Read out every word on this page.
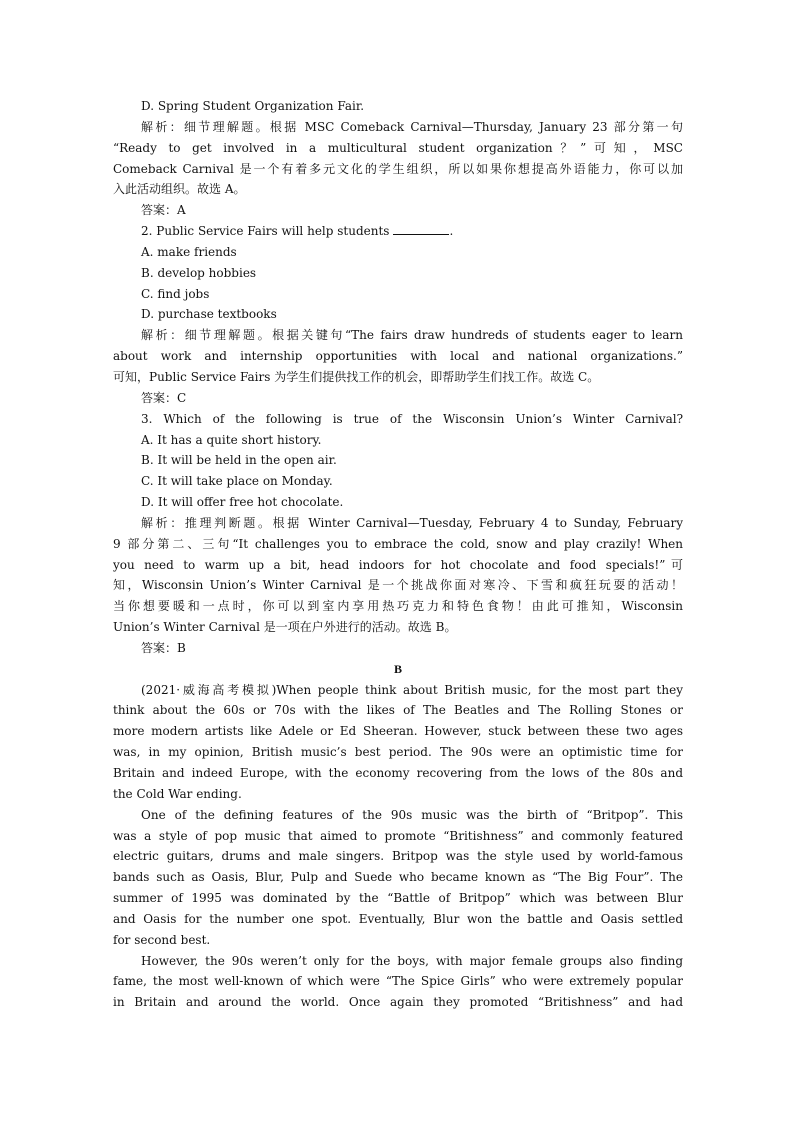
D. Spring Student Organization Fair.
解析：细节理解题。根据 MSC Comeback Carnival—Thursday, January 23 部分第一句
“Ready to get involved in a multicultural student organization？”可知，MSC
Comeback Carnival 是一个有着多元文化的学生组织，所以如果你想提高外语能力，你可以加
入此活动组织。故选 A。
答案：A
2. Public Service Fairs will help students	.
A. make friends
B. develop hobbies
C. find jobs
D. purchase textbooks
解析：细节理解题。根据关键句“The fairs draw hundreds of students eager to learn
about work and internship opportunities with local and national organizations.”
可知，Public Service Fairs 为学生们提供找工作的机会，即帮助学生们找工作。故选 C。
答案：C
3. Which of the following is true of the Wisconsin Union’s Winter Carnival?
A. It has a quite short history.
B. It will be held in the open air.
C. It will take place on Monday.
D. It will offer free hot chocolate.
解析：推理判断题。根据 Winter Carnival—Tuesday, February 4 to Sunday, February
9 部分第二、三句“It challenges you to embrace the cold, snow and play crazily! When
you need to warm up a bit, head indoors for hot chocolate and food specials!”可
知，Wisconsin Union’s Winter Carnival 是一个挑战你面对寒冷、下雪和疯狂玩耍的活动！
当你想要暖和一点时，你可以到室内享用热巧克力和特色食物！由此可推知，Wisconsin
Union’s Winter Carnival 是一项在户外进行的活动。故选 B。
答案：B
B
(2021·威海高考模拟)When people think about British music, for the most part they
think about the 60s or 70s with the likes of The Beatles and The Rolling Stones or
more modern artists like Adele or Ed Sheeran. However, stuck between these two ages
was, in my opinion, British music’s best period. The 90s were an optimistic time for
Britain and indeed Europe, with the economy recovering from the lows of the 80s and
the Cold War ending.
One of the defining features of the 90s music was the birth of “Britpop”. This
was a style of pop music that aimed to promote “Britishness” and commonly featured
electric guitars, drums and male singers. Britpop was the style used by world-famous
bands such as Oasis, Blur, Pulp and Suede who became known as “The Big Four”. The
summer of 1995 was dominated by the “Battle of Britpop” which was between Blur
and Oasis for the number one spot. Eventually, Blur won the battle and Oasis settled
for second best.
However, the 90s weren’t only for the boys, with major female groups also finding
fame, the most well-known of which were “The Spice Girls” who were extremely popular
in Britain and around the world. Once again they promoted “Britishness” and had
